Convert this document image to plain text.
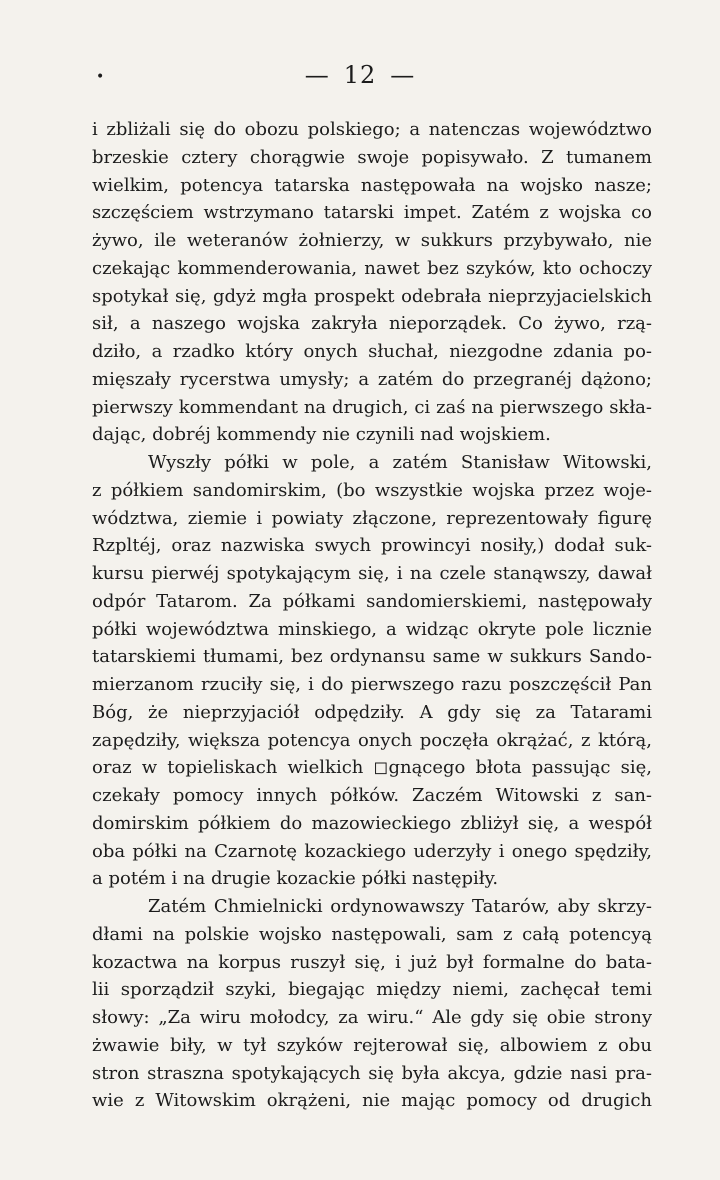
•	— 12 —
i zbliżali się do obozu polskiego; a natenczas województwo
brzeskie cztery chorągwie swoje popisywało. Z tumanem
wielkim, potencya tatarska następowała na wojsko nasze;
szczęściem wstrzymano tatarski impet. Zatém z wojska co
żywo, ile weteranów żołnierzy, w sukkurs przybywało, nie
czekając kommenderowania, nawet bez szyków, kto ochoczy
spotykał się, gdyż mgła prospekt odebrała nieprzyjacielskich
sił, a naszego wojska zakryła nieporządek. Co żywo, rzą-
dziło, a rzadko który onych słuchał, niezgodne zdania po-
mięszały rycerstwa umysły; a zatém do przegranéj dążono;
pierwszy kommendant na drugich, ci zaś na pierwszego skła-
dając, dobréj kommendy nie czynili nad wojskiem.
Wyszły półki w pole, a zatém Stanisław Witowski,
z półkiem sandomirskim, (bo wszystkie wojska przez woje-
wództwa, ziemie i powiaty złączone, reprezentowały figurę
Rzpltéj, oraz nazwiska swych prowincyi nosiły,) dodał suk-
kursu pierwéj spotykającym się, i na czele stanąwszy, dawał
odpór Tatarom. Za półkami sandomierskiemi, następowały
półki województwa minskiego, a widząc okryte pole licznie
tatarskiemi tłumami, bez ordynansu same w sukkurs Sando-
mierzanom rzuciły się, i do pierwszego razu poszczęścił Pan
Bóg, że nieprzyjaciół odpędziły. A gdy się za Tatarami
zapędziły, większa potencya onych poczęła okrążać, z którą,
oraz w topieliskach wielkich ◻gnącego błota passując się,
czekały pomocy innych półków. Zaczém Witowski z san-
domirskim półkiem do mazowieckiego zbliżył się, a wespół
oba półki na Czarnotę kozackiego uderzyły i onego spędziły,
a potém i na drugie kozackie półki następiły.
Zatém Chmielnicki ordynowawszy Tatarów, aby skrzy-
dłami na polskie wojsko następowali, sam z całą potencyą
kozactwa na korpus ruszył się, i już był formalne do bata-
lii sporządził szyki, biegając między niemi, zachęcał temi
słowy: „Za wiru mołodcy, za wiru.“ Ale gdy się obie strony
żwawie biły, w tył szyków rejterował się, albowiem z obu
stron straszna spotykających się była akcya, gdzie nasi pra-
wie z Witowskim okrążeni, nie mając pomocy od drugich
